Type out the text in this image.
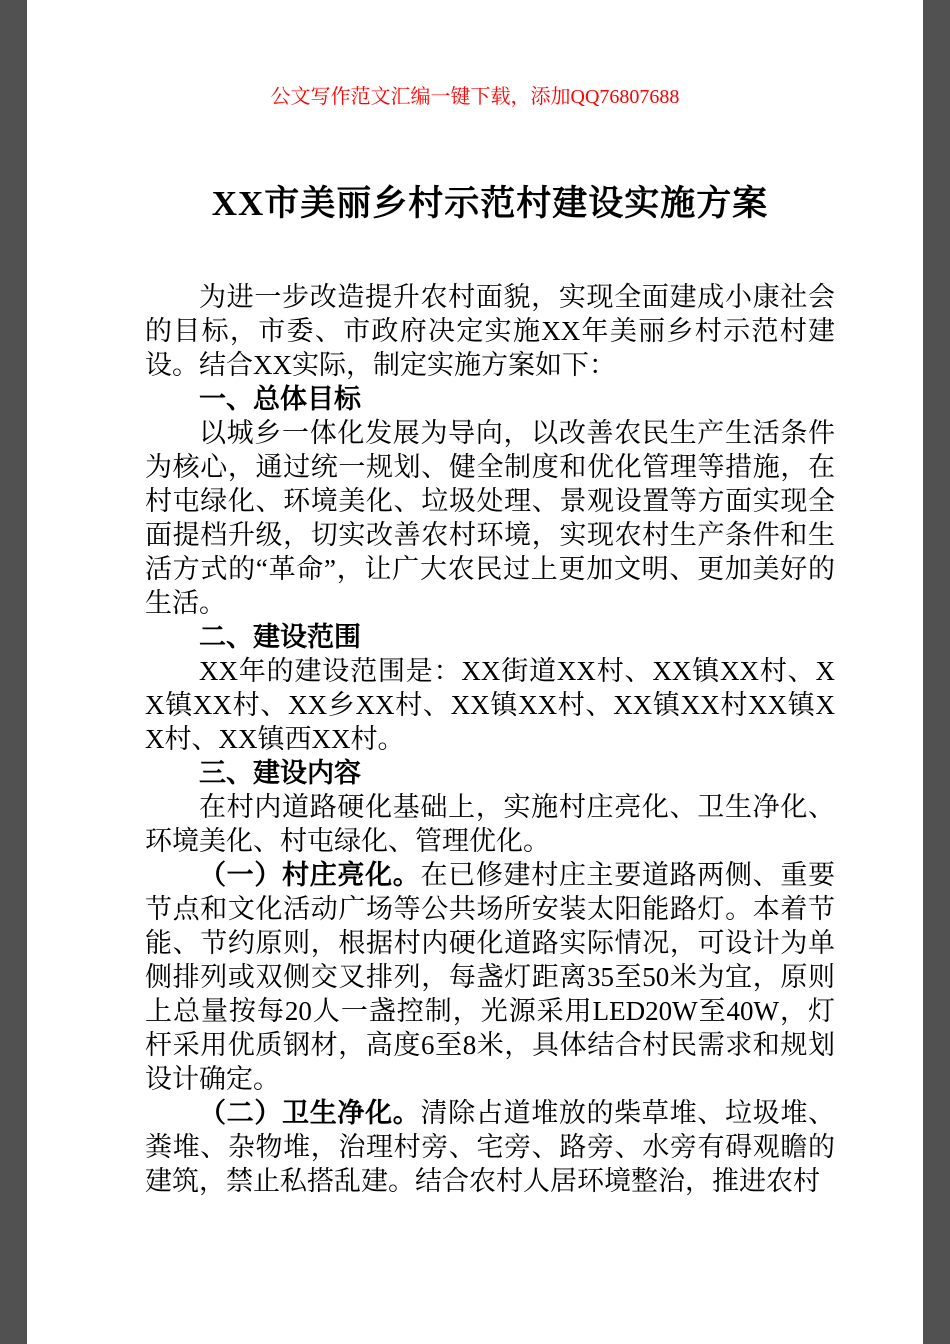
公文写作范文汇编一键下载，添加QQ76807688
XX市美丽乡村示范村建设实施方案

为进一步改造提升农村面貌，实现全面建成小康社会的目标，市委、市政府决定实施XX年美丽乡村示范村建设。结合XX实际，制定实施方案如下：

一、总体目标

以城乡一体化发展为导向，以改善农民生产生活条件为核心，通过统一规划、健全制度和优化管理等措施，在村屯绿化、环境美化、垃圾处理、景观设置等方面实现全面提档升级，切实改善农村环境，实现农村生产条件和生活方式的“革命”，让广大农民过上更加文明、更加美好的生活。

二、建设范围

XX年的建设范围是：XX街道XX村、XX镇XX村、XX镇XX村、XX乡XX村、XX镇XX村、XX镇XX村XX镇XX村、XX镇西XX村。

三、建设内容

在村内道路硬化基础上，实施村庄亮化、卫生净化、环境美化、村屯绿化、管理优化。

（一）村庄亮化。在已修建村庄主要道路两侧、重要节点和文化活动广场等公共场所安装太阳能路灯。本着节能、节约原则，根据村内硬化道路实际情况，可设计为单侧排列或双侧交叉排列，每盏灯距离35至50米为宜，原则上总量按每20人一盏控制，光源采用LED20W至40W，灯杆采用优质钢材，高度6至8米，具体结合村民需求和规划设计确定。

（二）卫生净化。清除占道堆放的柴草堆、垃圾堆、粪堆、杂物堆，治理村旁、宅旁、路旁、水旁有碍观瞻的建筑，禁止私搭乱建。结合农村人居环境整治，推进农村
